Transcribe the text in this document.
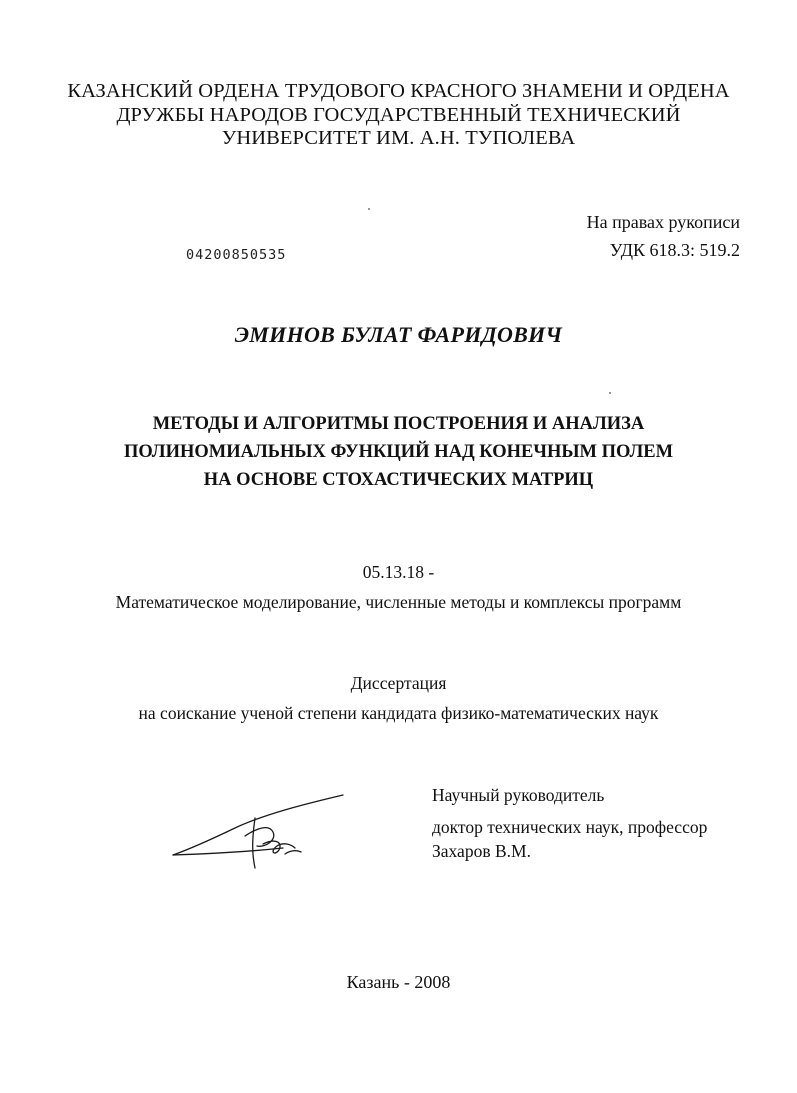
КАЗАНСКИЙ ОРДЕНА ТРУДОВОГО КРАСНОГО ЗНАМЕНИ И ОРДЕНА
ДРУЖБЫ НАРОДОВ ГОСУДАРСТВЕННЫЙ ТЕХНИЧЕСКИЙ
УНИВЕРСИТЕТ ИМ. А.Н. ТУПОЛЕВА
На правах рукописи
УДК 618.3: 519.2
04200850535
ЭМИНОВ БУЛАТ ФАРИДОВИЧ
МЕТОДЫ И АЛГОРИТМЫ ПОСТРОЕНИЯ И АНАЛИЗА
ПОЛИНОМИАЛЬНЫХ ФУНКЦИЙ НАД КОНЕЧНЫМ ПОЛЕМ
НА ОСНОВЕ СТОХАСТИЧЕСКИХ МАТРИЦ
05.13.18 -
Математическое моделирование, численные методы и комплексы программ
Диссертация
на соискание ученой степени кандидата физико-математических наук
Научный руководитель
доктор технических наук, профессор
Захаров В.М.
Казань - 2008
